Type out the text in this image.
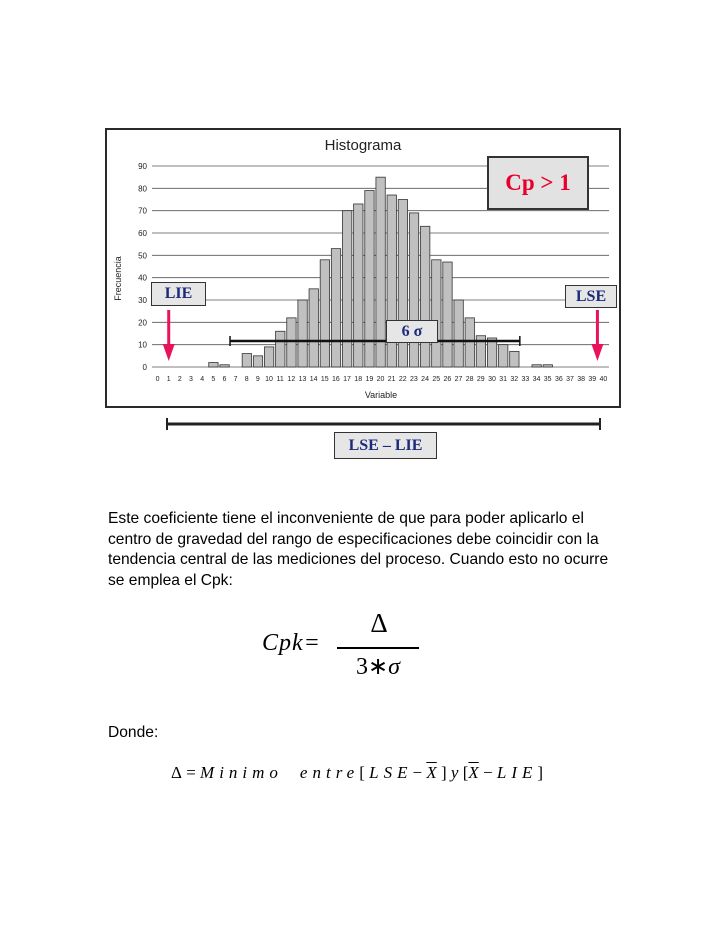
Histograma
0
10
20
30
40
50
60
70
80
90
Frecuencia
0 1 2 3 4 5 6 7 8 9 10 11 12 13 14 15 16 17 18 19 20 21 22 23 24 25 26 27 28 29 30 31 32 33 34 35 36 37 38 39 40
Variable
Cp > 1
LIE	LSE
6 σ
LSE – LIE

Este coeficiente tiene el inconveniente de que para poder aplicarlo el centro de gravedad del rango de especificaciones debe coincidir con la tendencia central de las mediciones del proceso. Cuando esto no ocurre se emplea el Cpk:

Cpk=
Δ
3∗σ

Donde:

Δ = Minimo entre[ $LSE- \overline{X}$ ] y $[\overline{X} - LIE]$
